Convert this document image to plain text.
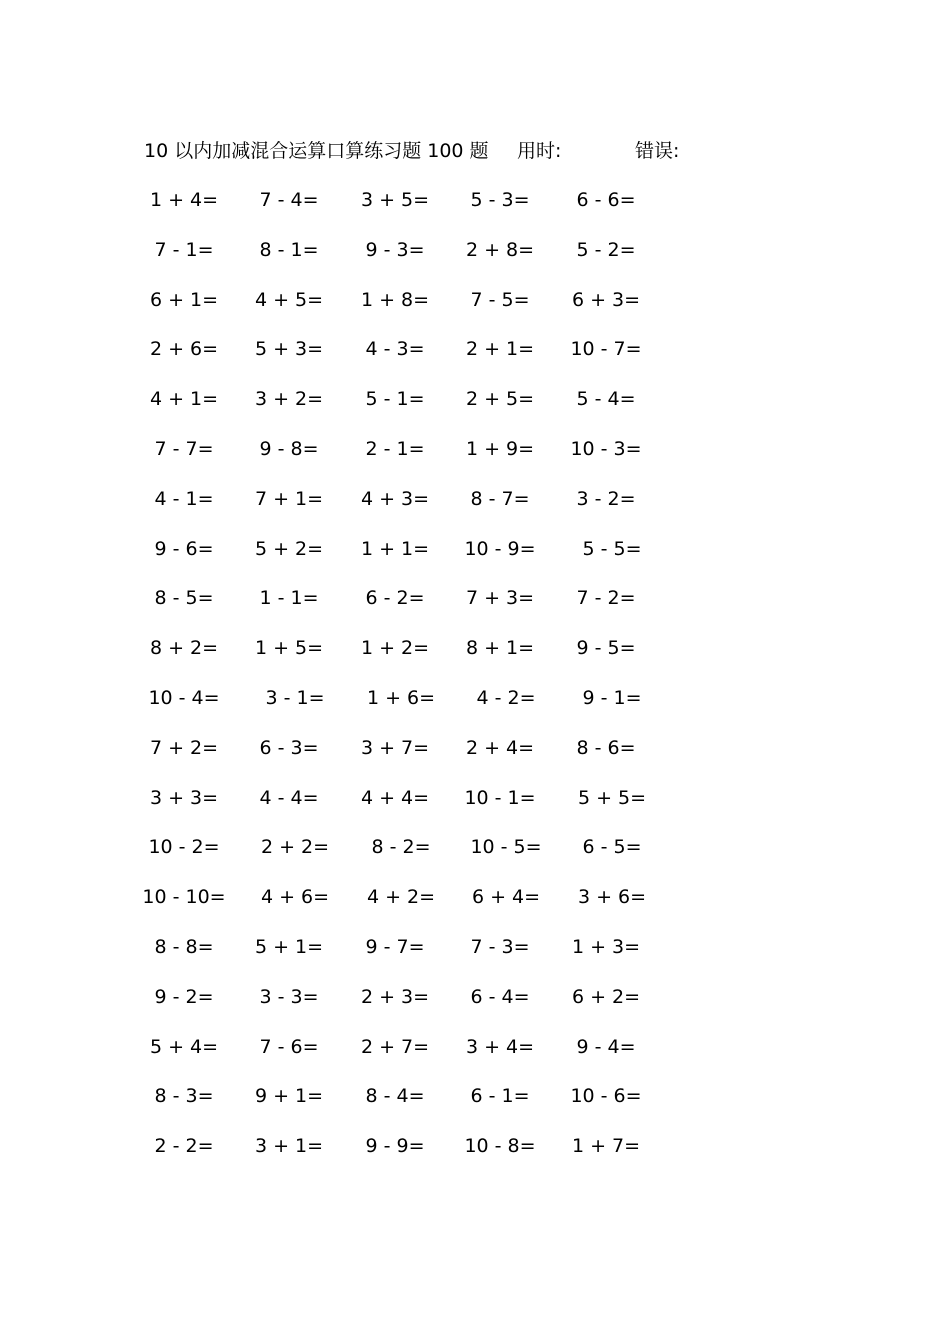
10 以内加减混合运算口算练习题 100 题 用时:	错误:
1 + 4=	7 - 4=	3 + 5=	5 - 3=	6 - 6=
7 - 1=	8 - 1=	9 - 3=	2 + 8=	5 - 2=
6 + 1=	4 + 5=	1 + 8=	7 - 5=	6 + 3=
2 + 6=	5 + 3=	4 - 3=	2 + 1=	10 - 7=
4 + 1=	3 + 2=	5 - 1=	2 + 5=	5 - 4=
7 - 7=	9 - 8=	2 - 1=	1 + 9=	10 - 3=
4 - 1=	7 + 1=	4 + 3=	8 - 7=	3 - 2=
9 - 6=	5 + 2=	1 + 1=	10 - 9=	5 - 5=
8 - 5=	1 - 1=	6 - 2=	7 + 3=	7 - 2=
8 + 2=	1 + 5=	1 + 2=	8 + 1=	9 - 5=
10 - 4=	3 - 1=	1 + 6=	4 - 2=	9 - 1=
7 + 2=	6 - 3=	3 + 7=	2 + 4=	8 - 6=
3 + 3=	4 - 4=	4 + 4=	10 - 1=	5 + 5=
10 - 2=	2 + 2=	8 - 2=	10 - 5=	6 - 5=
10 - 10=	4 + 6=	4 + 2=	6 + 4=	3 + 6=
8 - 8=	5 + 1=	9 - 7=	7 - 3=	1 + 3=
9 - 2=	3 - 3=	2 + 3=	6 - 4=	6 + 2=
5 + 4=	7 - 6=	2 + 7=	3 + 4=	9 - 4=
8 - 3=	9 + 1=	8 - 4=	6 - 1=	10 - 6=
2 - 2=	3 + 1=	9 - 9=	10 - 8=	1 + 7=
